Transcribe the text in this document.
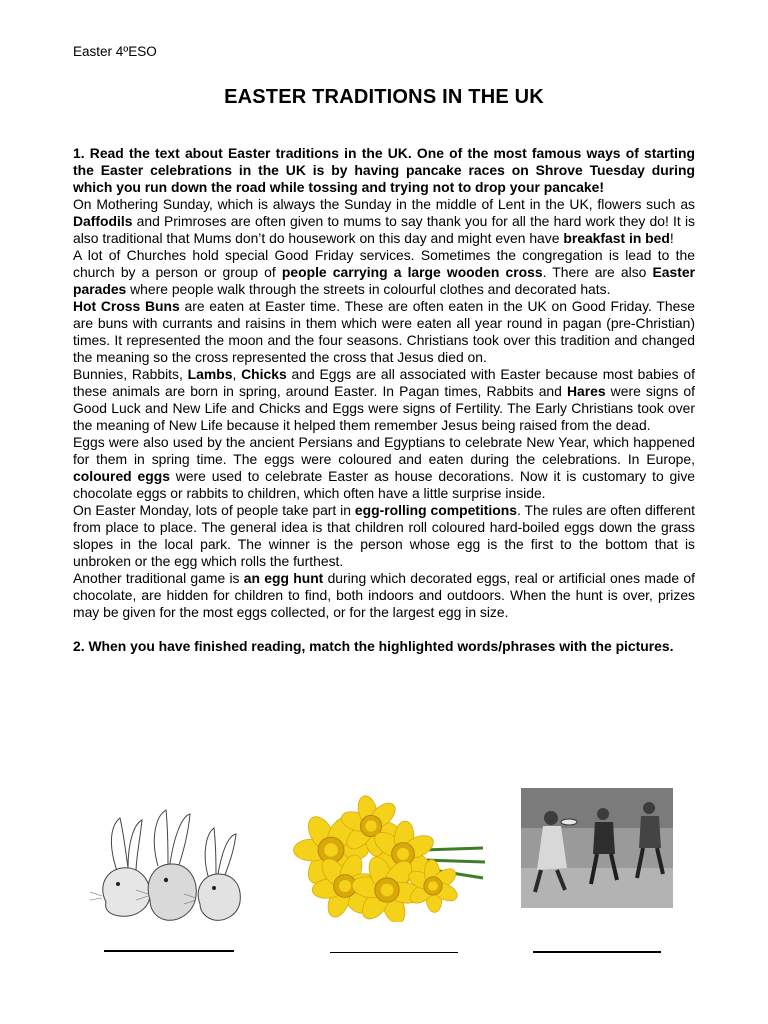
Easter 4ºESO
EASTER TRADITIONS IN THE UK

1. Read the text about Easter traditions in the UK. One of the most famous ways of starting the Easter celebrations in the UK is by having pancake races on Shrove Tuesday during which you run down the road while tossing and trying not to drop your pancake!

On Mothering Sunday, which is always the Sunday in the middle of Lent in the UK, flowers such as Daffodils and Primroses are often given to mums to say thank you for all the hard work they do! It is also traditional that Mums don’t do housework on this day and might even have breakfast in bed!

A lot of Churches hold special Good Friday services. Sometimes the congregation is lead to the church by a person or group of people carrying a large wooden cross. There are also Easter parades where people walk through the streets in colourful clothes and decorated hats.

Hot Cross Buns are eaten at Easter time. These are often eaten in the UK on Good Friday. These are buns with currants and raisins in them which were eaten all year round in pagan (pre-Christian) times. It represented the moon and the four seasons. Christians took over this tradition and changed the meaning so the cross represented the cross that Jesus died on.

Bunnies, Rabbits, Lambs, Chicks and Eggs are all associated with Easter because most babies of these animals are born in spring, around Easter. In Pagan times, Rabbits and Hares were signs of Good Luck and New Life and Chicks and Eggs were signs of Fertility. The Early Christians took over the meaning of New Life because it helped them remember Jesus being raised from the dead.

Eggs were also used by the ancient Persians and Egyptians to celebrate New Year, which happened for them in spring time. The eggs were coloured and eaten during the celebrations. In Europe, coloured eggs were used to celebrate Easter as house decorations. Now it is customary to give chocolate eggs or rabbits to children, which often have a little surprise inside.

On Easter Monday, lots of people take part in egg-rolling competitions. The rules are often different from place to place. The general idea is that children roll coloured hard-boiled eggs down the grass slopes in the local park. The winner is the person whose egg is the first to the bottom that is unbroken or the egg which rolls the furthest.

Another traditional game is an egg hunt during which decorated eggs, real or artificial ones made of chocolate, are hidden for children to find, both indoors and outdoors. When the hunt is over, prizes may be given for the most eggs collected, or for the largest egg in size.

2. When you have finished reading, match the highlighted words/phrases with the pictures.
